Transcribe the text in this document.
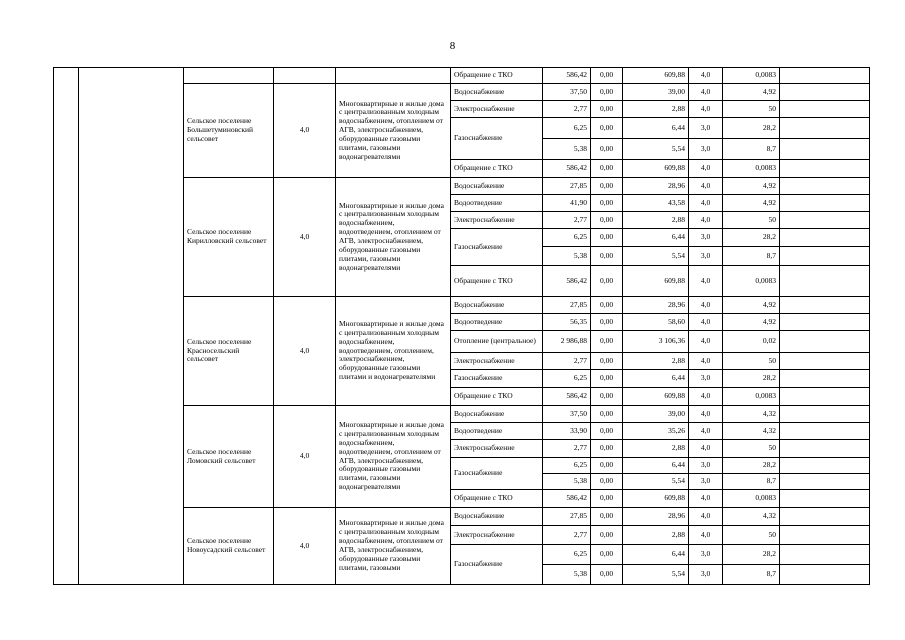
8
					Обращение с ТКО	586,42	0,00	609,88	4,0	0,0083	
		Сельское поселение Большетуминовский сельсовет	4,0	Многоквартирные и жилые дома с централизованным холодным водоснабжением, отоплением от АГВ, электроснабжением, оборудованные газовыми плитами, газовыми водонагревателями	Водоснабжение	37,50	0,00	39,00	4,0	4,92	
					Электроснабжение	2,77	0,00	2,88	4,0	50	
					Газоснабжение	6,25	0,00	6,44	3,0	28,2	
						5,38	0,00	5,54	3,0	8,7	
					Обращение с ТКО	586,42	0,00	609,88	4,0	0,0083	
		Сельское поселение Кирилловский сельсовет	4,0	Многоквартирные и жилые дома с централизованным холодным водоснабжением, водоотведением, отоплением от АГВ, электроснабжением, оборудованные газовыми плитами, газовыми водонагревателями	Водоснабжение	27,85	0,00	28,96	4,0	4,92	
					Водоотведение	41,90	0,00	43,58	4,0	4,92	
					Электроснабжение	2,77	0,00	2,88	4,0	50	
					Газоснабжение	6,25	0,00	6,44	3,0	28,2	
						5,38	0,00	5,54	3,0	8,7	
					Обращение с ТКО	586,42	0,00	609,88	4,0	0,0083	
		Сельское поселение Красносельский сельсовет	4,0	Многоквартирные и жилые дома с централизованным холодным водоснабжением, водоотведением, отоплением, электроснабжением, оборудованные газовыми плитами и водонагревателями	Водоснабжение	27,85	0,00	28,96	4,0	4,92	
					Водоотведение	56,35	0,00	58,60	4,0	4,92	
					Отопление (центральное)	2 986,88	0,00	3 106,36	4,0	0,02	
					Электроснабжение	2,77	0,00	2,88	4,0	50	
					Газоснабжение	6,25	0,00	6,44	3,0	28,2	
					Обращение с ТКО	586,42	0,00	609,88	4,0	0,0083	
		Сельское поселение Ломовский сельсовет	4,0	Многоквартирные и жилые дома с централизованным холодным водоснабжением, водоотведением, отоплением от АГВ, электроснабжением, оборудованные газовыми плитами, газовыми водонагревателями	Водоснабжение	37,50	0,00	39,00	4,0	4,32	
					Водоотведение	33,90	0,00	35,26	4,0	4,32	
					Электроснабжение	2,77	0,00	2,88	4,0	50	
					Газоснабжение	6,25	0,00	6,44	3,0	28,2	
						5,38	0,00	5,54	3,0	8,7	
					Обращение с ТКО	586,42	0,00	609,88	4,0	0,0083	
		Сельское поселение Новоусадский сельсовет	4,0	Многоквартирные и жилые дома с централизованным холодным водоснабжением, отоплением от АГВ, электроснабжением, оборудованные газовыми плитами, газовыми	Водоснабжение	27,85	0,00	28,96	4,0	4,32	
					Электроснабжение	2,77	0,00	2,88	4,0	50	
					Газоснабжение	6,25	0,00	6,44	3,0	28,2	
						5,38	0,00	5,54	3,0	8,7	
